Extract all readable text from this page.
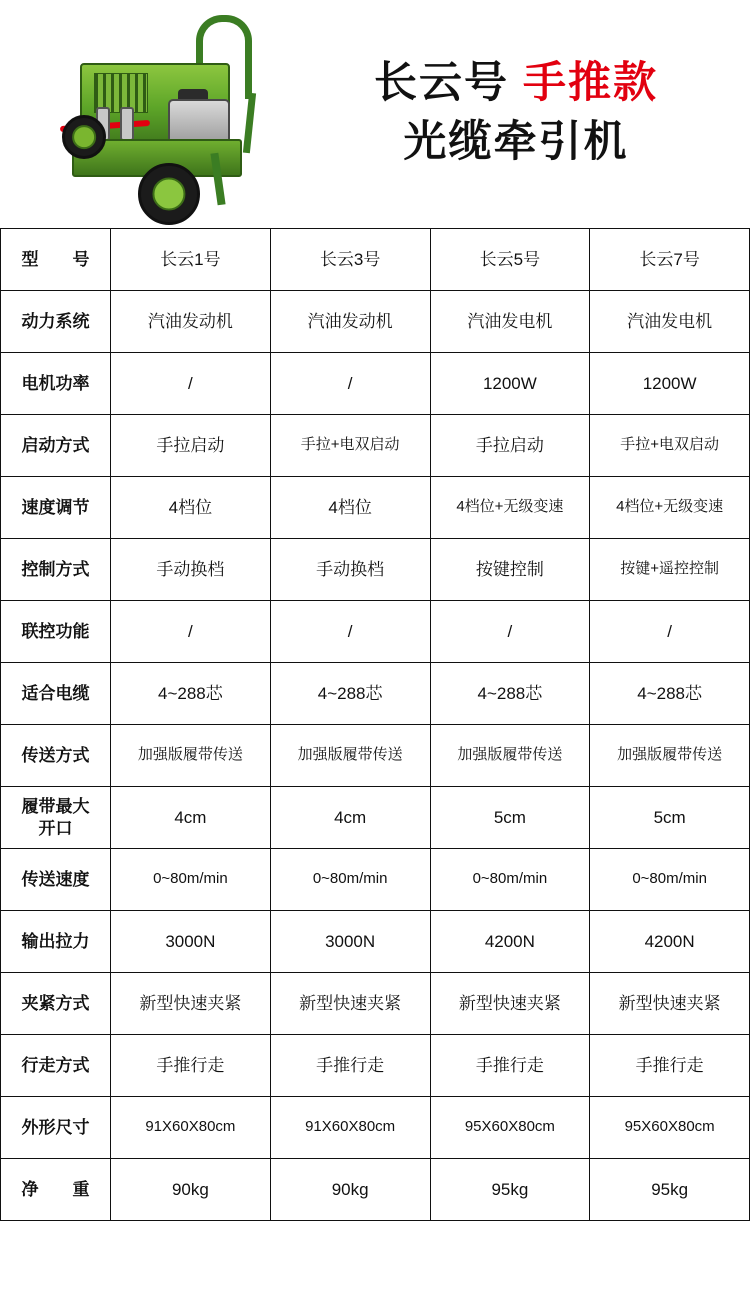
长云号 手推款
光缆牵引机
型　　号	长云1号	长云3号	长云5号	长云7号
动力系统	汽油发动机	汽油发动机	汽油发电机	汽油发电机
电机功率	/	/	1200W	1200W
启动方式	手拉启动	手拉+电双启动	手拉启动	手拉+电双启动
速度调节	4档位	4档位	4档位+无级变速	4档位+无级变速
控制方式	手动换档	手动换档	按键控制	按键+遥控控制
联控功能	/	/	/	/
适合电缆	4~288芯	4~288芯	4~288芯	4~288芯
传送方式	加强版履带传送	加强版履带传送	加强版履带传送	加强版履带传送
履带最大
开口	4cm	4cm	5cm	5cm
传送速度	0~80m/min	0~80m/min	0~80m/min	0~80m/min
输出拉力	3000N	3000N	4200N	4200N
夹紧方式	新型快速夹紧	新型快速夹紧	新型快速夹紧	新型快速夹紧
行走方式	手推行走	手推行走	手推行走	手推行走
外形尺寸	91X60X80cm	91X60X80cm	95X60X80cm	95X60X80cm
净　　重	90kg	90kg	95kg	95kg
